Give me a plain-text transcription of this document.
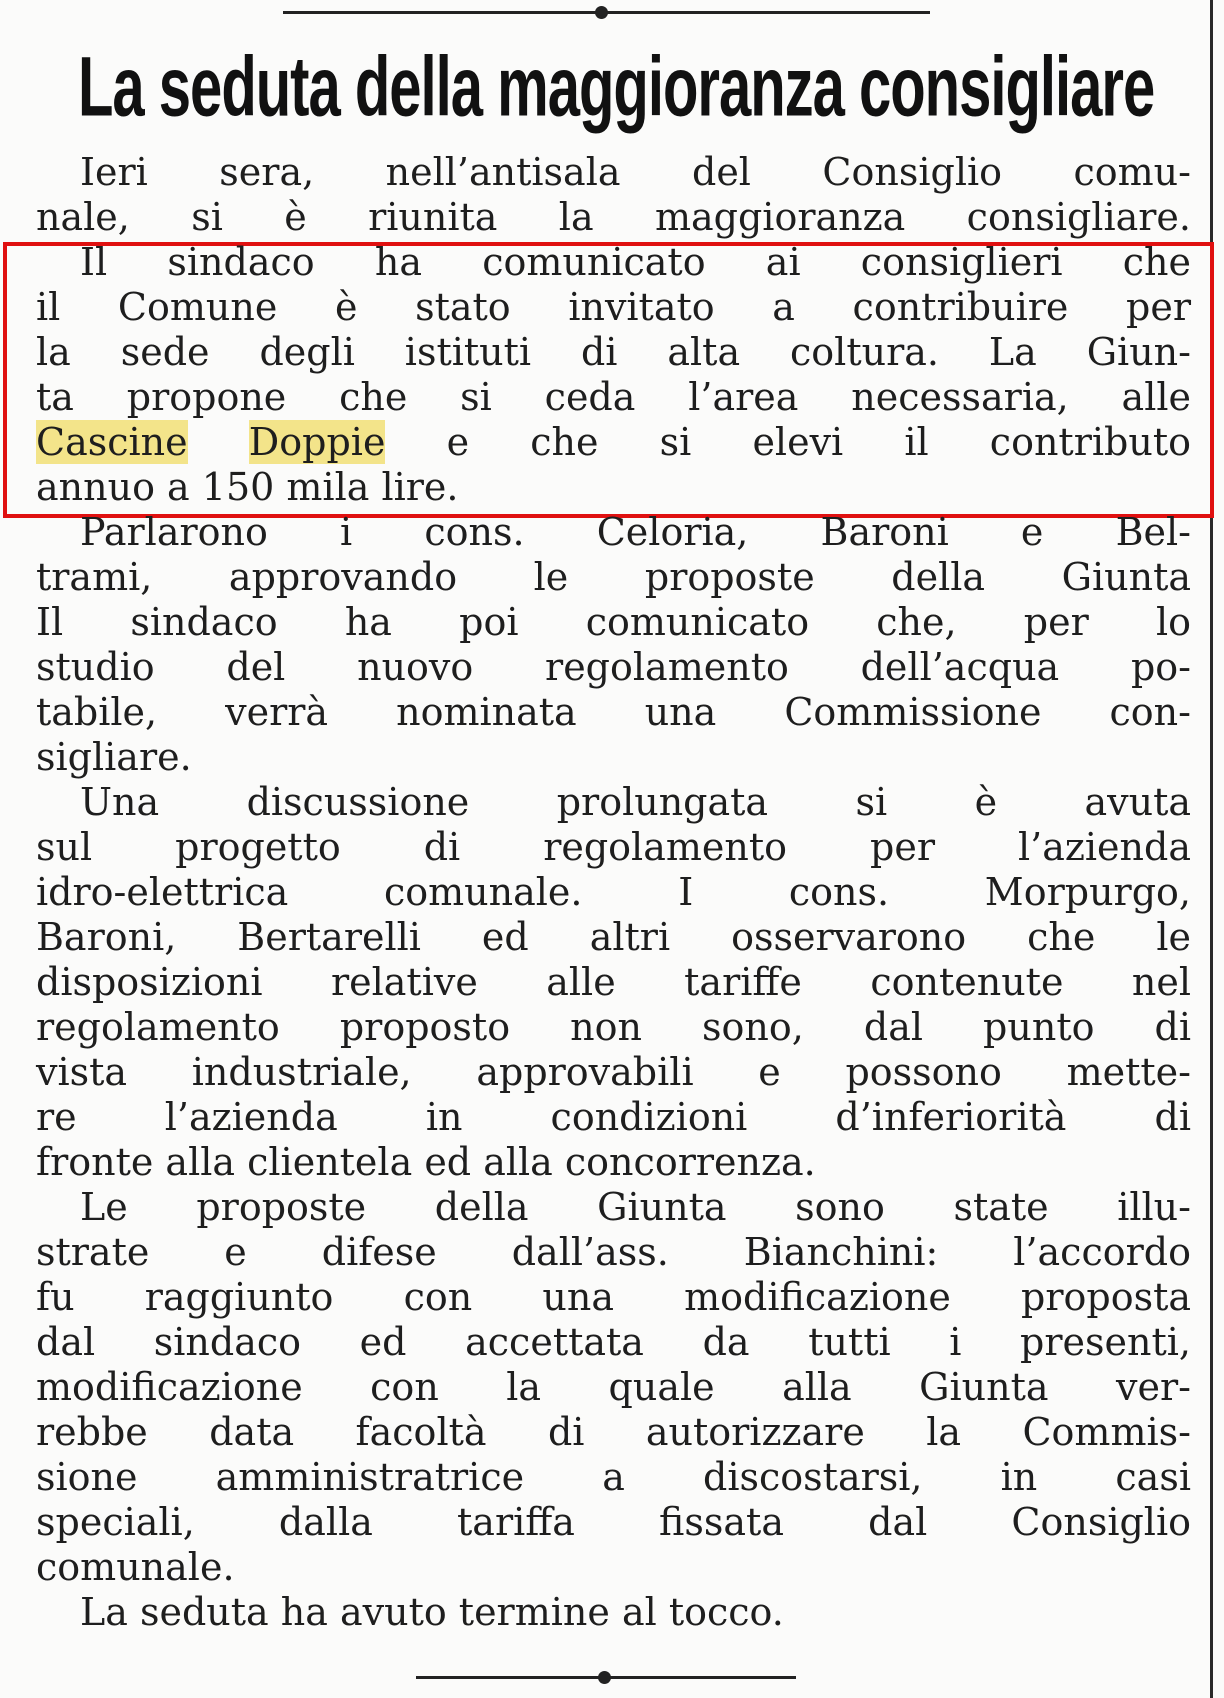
La seduta della maggioranza consigliare
Ieri sera, nell’antisala del Consiglio comu-
nale, si è riunita la maggioranza consigliare.
Il sindaco ha comunicato ai consiglieri che
il Comune è stato invitato a contribuire per
la sede degli istituti di alta coltura. La Giun-
ta propone che si ceda l’area necessaria, alle
Cascine Doppie e che si elevi il contributo
annuo a 150 mila lire.
Parlarono i cons. Celoria, Baroni e Bel-
trami, approvando le proposte della Giunta
Il sindaco ha poi comunicato che, per lo
studio del nuovo regolamento dell’acqua po-
tabile, verrà nominata una Commissione con-
sigliare.
Una discussione prolungata si è avuta
sul progetto di regolamento per l’azienda
idro-elettrica comunale. I cons. Morpurgo,
Baroni, Bertarelli ed altri osservarono che le
disposizioni relative alle tariffe contenute nel
regolamento proposto non sono, dal punto di
vista industriale, approvabili e possono mette-
re l’azienda in condizioni d’inferiorità di
fronte alla clientela ed alla concorrenza.
Le proposte della Giunta sono state illu-
strate e difese dall’ass. Bianchini: l’accordo
fu raggiunto con una modificazione proposta
dal sindaco ed accettata da tutti i presenti,
modificazione con la quale alla Giunta ver-
rebbe data facoltà di autorizzare la Commis-
sione amministratrice a discostarsi, in casi
speciali, dalla tariffa fissata dal Consiglio
comunale.
La seduta ha avuto termine al tocco.
